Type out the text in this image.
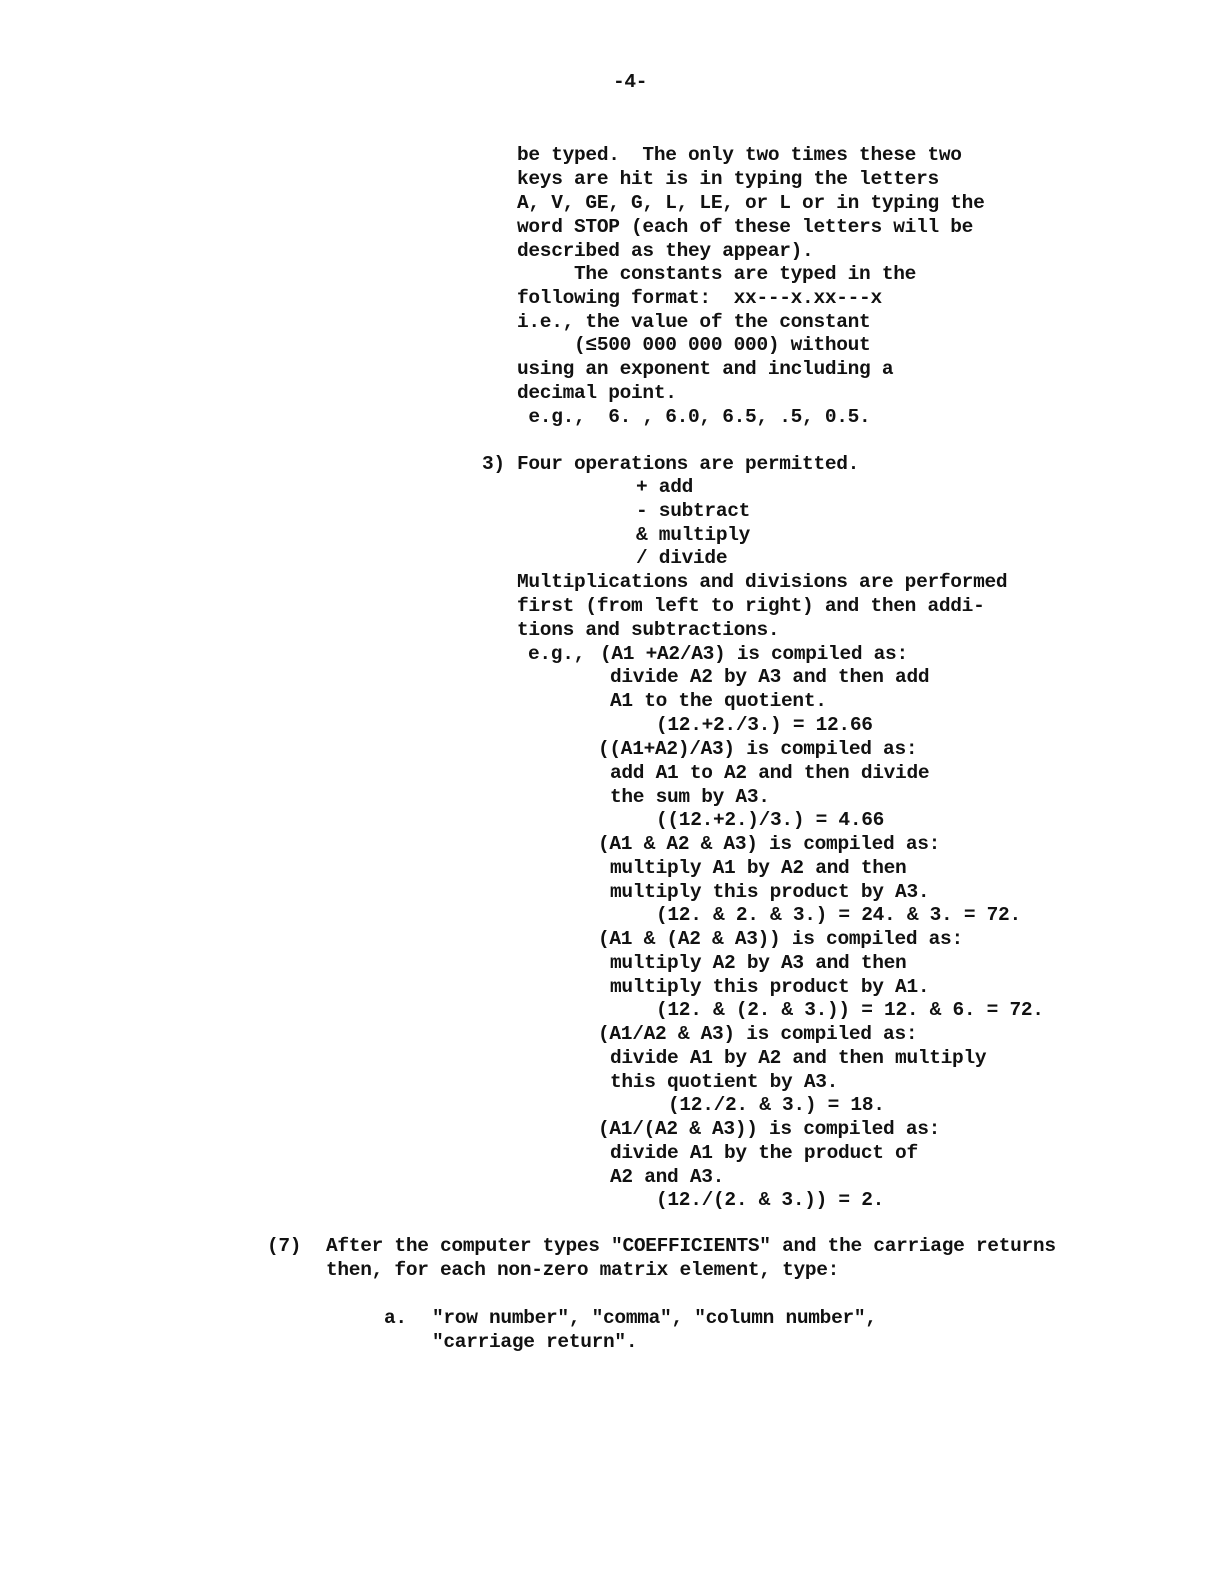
-4-
be typed.  The only two times these two
keys are hit is in typing the letters
A, V, GE, G, L, LE, or L or in typing the
word STOP (each of these letters will be
described as they appear).
The constants are typed in the
following format:  xx---x.xx---x
i.e., the value of the constant
(≤500 000 000 000) without
using an exponent and including a
decimal point.
e.g.,  6. , 6.0, 6.5, .5, 0.5.
3) Four operations are permitted.
+ add
- subtract
& multiply
/ divide
Multiplications and divisions are performed
first (from left to right) and then addi-
tions and subtractions.
e.g., (A1 +A2/A3) is compiled as:
divide A2 by A3 and then add
A1 to the quotient.
(12.+2./3.) = 12.66
((A1+A2)/A3) is compiled as:
add A1 to A2 and then divide
the sum by A3.
((12.+2.)/3.) = 4.66
(A1 & A2 & A3) is compiled as:
multiply A1 by A2 and then
multiply this product by A3.
(12. & 2. & 3.) = 24. & 3. = 72.
(A1 & (A2 & A3)) is compiled as:
multiply A2 by A3 and then
multiply this product by A1.
(12. & (2. & 3.)) = 12. & 6. = 72.
(A1/A2 & A3) is compiled as:
divide A1 by A2 and then multiply
this quotient by A3.
(12./2. & 3.) = 18.
(A1/(A2 & A3)) is compiled as:
divide A1 by the product of
A2 and A3.
(12./(2. & 3.)) = 2.
(7) After the computer types "COEFFICIENTS" and the carriage returns
then, for each non-zero matrix element, type:
a. "row number", "comma", "column number",
"carriage return".
